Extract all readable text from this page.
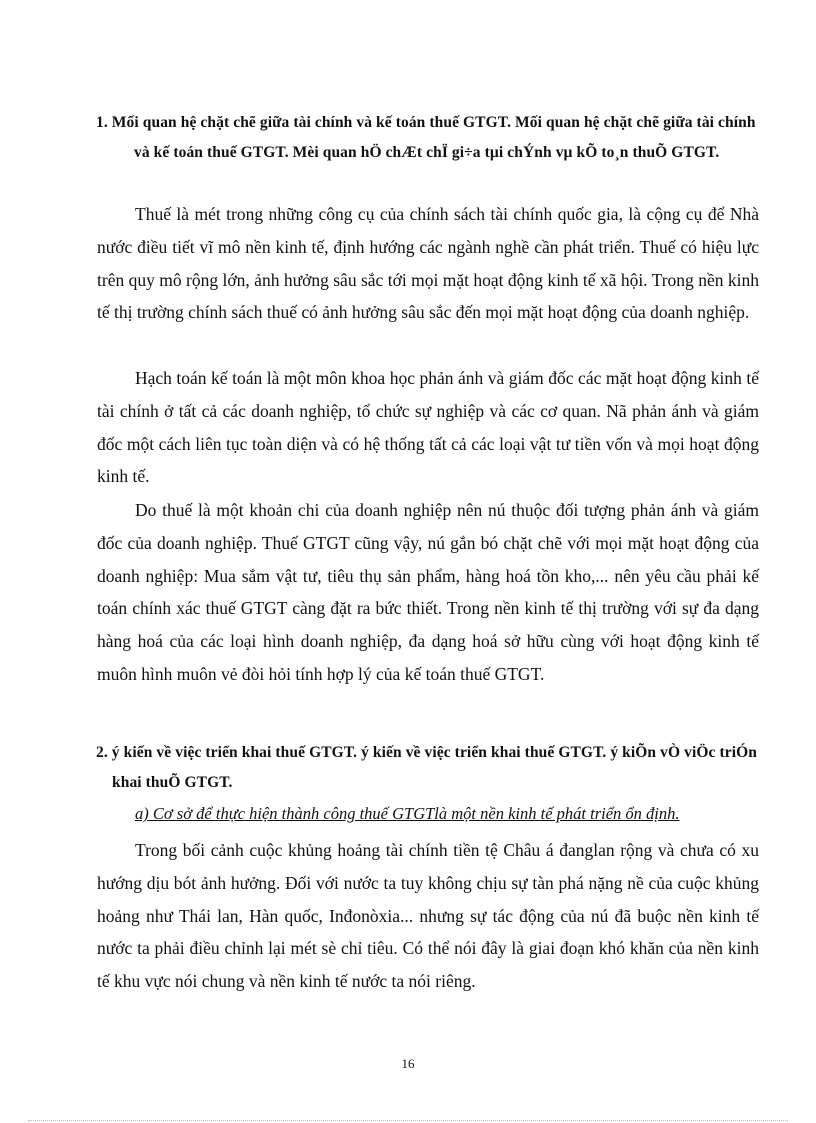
1. Mối quan hệ chặt chẽ giữa tài chính và kế toán thuế GTGT. Mối quan hệ chặt chẽ giữa tài chính và kế toán thuế GTGT. Mèi quan hÖ chÆt chÏ gi÷a tµi chÝnh vµ kÕ to¸n thuÕ GTGT.

Thuế là mét trong những công cụ của chính sách tài chính quốc gia, là cộng cụ để Nhà nước điều tiết vĩ mô nền kinh tế, định hướng các ngành nghề cần phát triển. Thuế có hiệu lực trên quy mô rộng lớn, ảnh hưởng sâu sắc tới mọi mặt hoạt động kinh tế xã hội. Trong nền kinh tế thị trường chính sách thuế có ảnh hưởng sâu sắc đến mọi mặt hoạt động của doanh nghiệp.

Hạch toán kế toán là một môn khoa học phản ánh và giám đốc các mặt hoạt động kinh tế tài chính ở tất cả các doanh nghiệp, tổ chức sự nghiệp và các cơ quan. Nã phản ánh và giám đốc một cách liên tục toàn diện và có hệ thống tất cả các loại vật tư tiền vốn và mọi hoạt động kinh tế.

Do thuế là một khoản chi của doanh nghiệp nên nú thuộc đối tượng phản ánh và giám đốc của doanh nghiệp. Thuế GTGT cũng vậy, nú gắn bó chặt chẽ với mọi mặt hoạt động của doanh nghiệp: Mua sắm vật tư, tiêu thụ sản phẩm, hàng hoá tồn kho,... nên yêu cầu phải kế toán chính xác thuế GTGT càng đặt ra bức thiết. Trong nền kinh tế thị trường với sự đa dạng hàng hoá của các loại hình doanh nghiệp, đa dạng hoá sở hữu cùng với hoạt động kinh tế muôn hình muôn vẻ đòi hỏi tính hợp lý của kế toán thuế GTGT.

2. ý kiến về việc triển khai thuế GTGT. ý kiến về việc triển khai thuế GTGT. ý kiÕn vÒ viÖc triÓn khai thuÕ GTGT.
a) Cơ sở để thực hiện thành công thuế GTGTlà một nền kinh tế phát triển ổn định.

Trong bối cảnh cuộc khủng hoảng tài chính tiền tệ Châu á đanglan rộng và chưa có xu hướng dịu bót ảnh hưởng. Đối với nước ta tuy không chịu sự tàn phá nặng nề của cuộc khủng hoảng như Thái lan, Hàn quốc, Inđonòxia... nhưng sự tác động của nú đã buộc nền kinh tế nước ta phải điều chỉnh lại mét sè chỉ tiêu. Có thể nói đây là giai đoạn khó khăn của nền kinh tế khu vực nói chung và nền kinh tế nước ta nói riêng.

16
